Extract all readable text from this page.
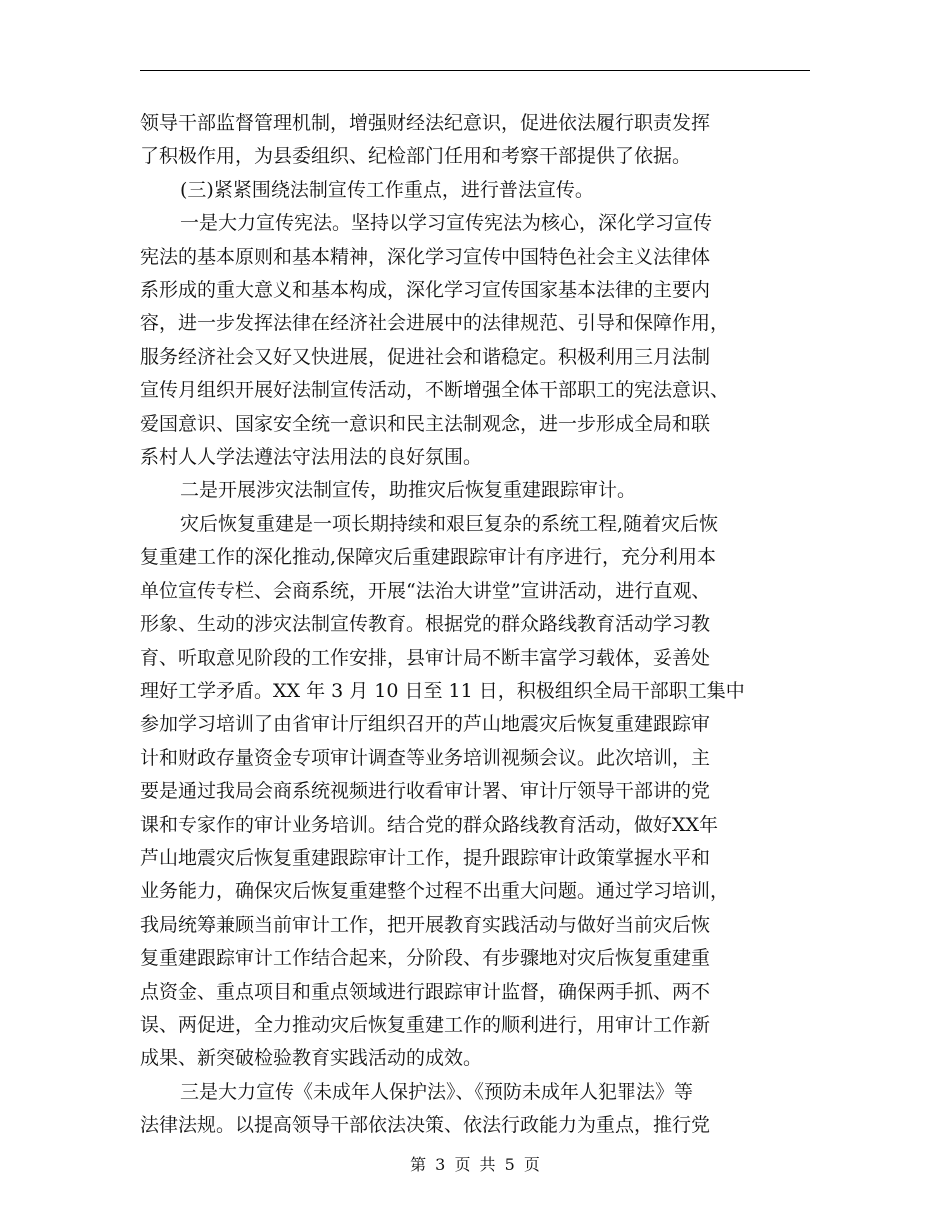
领导干部监督管理机制，增强财经法纪意识，促进依法履行职责发挥
了积极作用，为县委组织、纪检部门任用和考察干部提供了依据。
(三)紧紧围绕法制宣传工作重点，进行普法宣传。
一是大力宣传宪法。坚持以学习宣传宪法为核心，深化学习宣传
宪法的基本原则和基本精神，深化学习宣传中国特色社会主义法律体
系形成的重大意义和基本构成，深化学习宣传国家基本法律的主要内
容，进一步发挥法律在经济社会进展中的法律规范、引导和保障作用，
服务经济社会又好又快进展，促进社会和谐稳定。积极利用三月法制
宣传月组织开展好法制宣传活动，不断增强全体干部职工的宪法意识、
爱国意识、国家安全统一意识和民主法制观念，进一步形成全局和联
系村人人学法遵法守法用法的良好氛围。
二是开展涉灾法制宣传，助推灾后恢复重建跟踪审计。
灾后恢复重建是一项长期持续和艰巨复杂的系统工程,随着灾后恢
复重建工作的深化推动,保障灾后重建跟踪审计有序进行，充分利用本
单位宣传专栏、会商系统，开展“法治大讲堂”宣讲活动，进行直观、
形象、生动的涉灾法制宣传教育。根据党的群众路线教育活动学习教
育、听取意见阶段的工作安排，县审计局不断丰富学习载体，妥善处
理好工学矛盾。XX 年 3 月 10 日至 11 日，积极组织全局干部职工集中
参加学习培训了由省审计厅组织召开的芦山地震灾后恢复重建跟踪审
计和财政存量资金专项审计调查等业务培训视频会议。此次培训，主
要是通过我局会商系统视频进行收看审计署、审计厅领导干部讲的党
课和专家作的审计业务培训。结合党的群众路线教育活动，做好XX年
芦山地震灾后恢复重建跟踪审计工作，提升跟踪审计政策掌握水平和
业务能力，确保灾后恢复重建整个过程不出重大问题。通过学习培训，
我局统筹兼顾当前审计工作，把开展教育实践活动与做好当前灾后恢
复重建跟踪审计工作结合起来，分阶段、有步骤地对灾后恢复重建重
点资金、重点项目和重点领域进行跟踪审计监督，确保两手抓、两不
误、两促进，全力推动灾后恢复重建工作的顺利进行，用审计工作新
成果、新突破检验教育实践活动的成效。
三是大力宣传《未成年人保护法》、《预防未成年人犯罪法》等
法律法规。以提高领导干部依法决策、依法行政能力为重点，推行党
第 3 页 共 5 页
